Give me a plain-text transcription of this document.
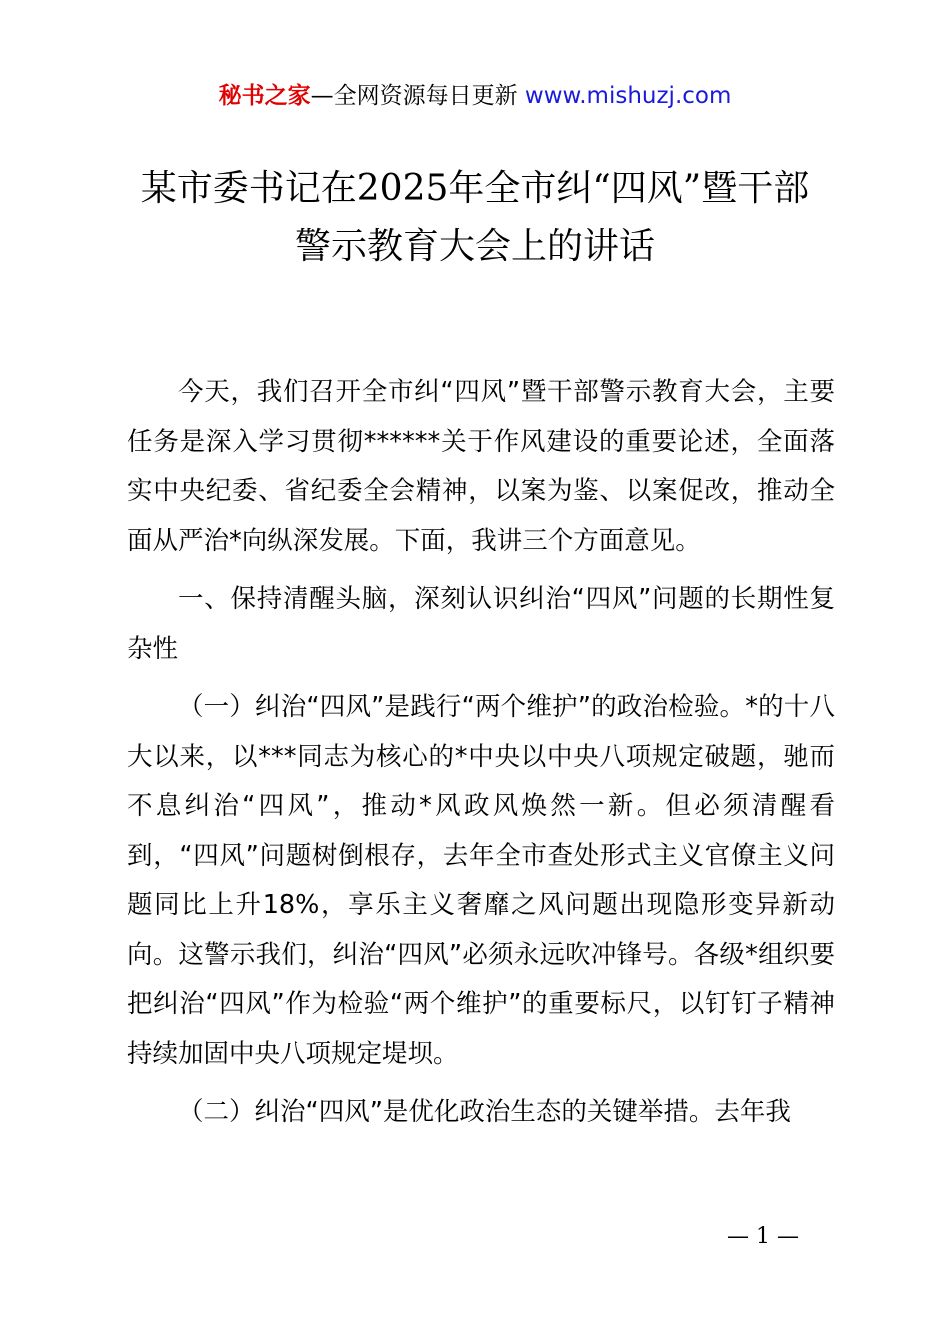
秘书之家—全网资源每日更新 www.mishuzj.com
某市委书记在2025年全市纠“四风”暨干部
警示教育大会上的讲话

今天，我们召开全市纠“四风”暨干部警示教育大会，主要任务是深入学习贯彻******关于作风建设的重要论述，全面落实中央纪委、省纪委全会精神，以案为鉴、以案促改，推动全面从严治*向纵深发展。下面，我讲三个方面意见。

一、保持清醒头脑，深刻认识纠治“四风”问题的长期性复杂性

（一）纠治“四风”是践行“两个维护”的政治检验。*的十八大以来，以***同志为核心的*中央以中央八项规定破题，驰而不息纠治“四风”，推动*风政风焕然一新。但必须清醒看到，“四风”问题树倒根存，去年全市查处形式主义官僚主义问题同比上升18%，享乐主义奢靡之风问题出现隐形变异新动向。这警示我们，纠治“四风”必须永远吹冲锋号。各级*组织要把纠治“四风”作为检验“两个维护”的重要标尺，以钉钉子精神持续加固中央八项规定堤坝。

（二）纠治“四风”是优化政治生态的关键举措。去年我

— 1 —
